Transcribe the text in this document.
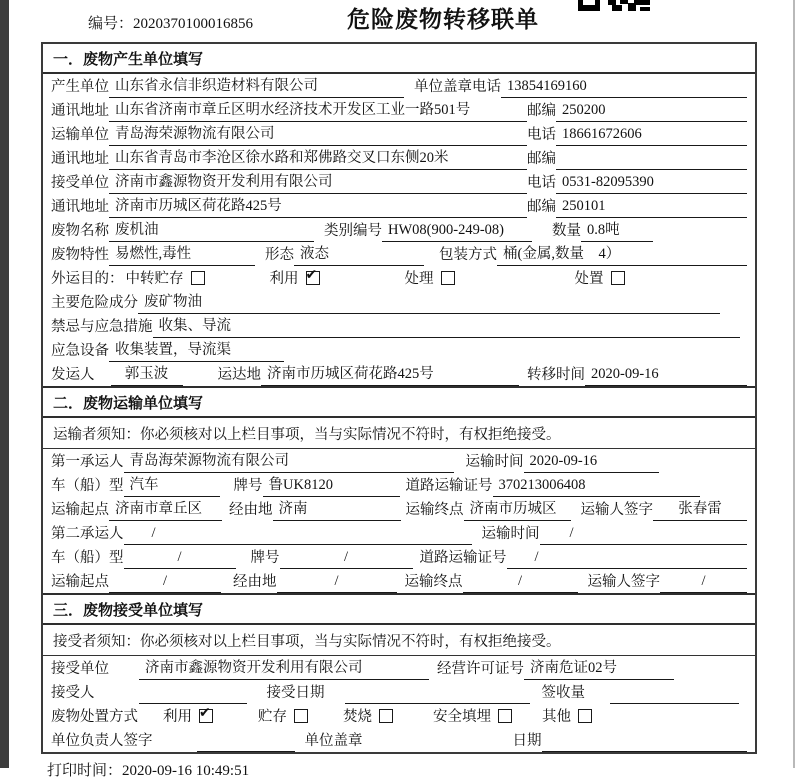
编号：2020370100016856	危险废物转移联单
一．废物产生单位填写
产生单位 山东省永信非织造材料有限公司	单位盖章 电话 13854169160
通讯地址 山东省济南市章丘区明水经济技术开发区工业一路501号	邮编 250200
运输单位 青岛海荣源物流有限公司	电话 18661672606
通讯地址 山东省青岛市李沧区徐水路和郑佛路交叉口东侧20米	邮编
接受单位 济南市鑫源物资开发利用有限公司	电话 0531-82095390
通讯地址 济南市历城区荷花路425号	邮编 250101
废物名称 废机油	类别编号 HW08(900-249-08)	数量 0.8吨
废物特性 易燃性,毒性	形态 液态	包装方式 桶(金属,数量　4）
外运目的： 中转贮存	利用 ✔	处理	处置
主要危险成分 废矿物油
禁忌与应急措施 收集、导流
应急设备 收集装置，导流渠
发运人	郭玉波	运达地 济南市历城区荷花路425号	转移时间 2020-09-16
二．废物运输单位填写
运输者须知：你必须核对以上栏目事项，当与实际情况不符时，有权拒绝接受。
第一承运人 青岛海荣源物流有限公司	运输时间 2020-09-16
车（船）型 汽车	牌号 鲁UK8120	道路运输证号 370213006408
运输起点 济南市章丘区	经由地 济南	运输终点 济南市历城区	运输人签字	张春雷
第二承运人	/	运输时间	/
车（船）型	/	牌号	/	道路运输证号	/
运输起点	/	经由地	/	运输终点	/	运输人签字	/
三．废物接受单位填写
接受者须知：你必须核对以上栏目事项，当与实际情况不符时，有权拒绝接受。
接受单位	济南市鑫源物资开发利用有限公司	经营许可证号 济南危证02号
接受人	接受日期	签收量
废物处置方式 利用 ✔	贮存	焚烧	安全填埋	其他
单位负责人签字	单位盖章	日期
打印时间：2020-09-16 10:49:51
